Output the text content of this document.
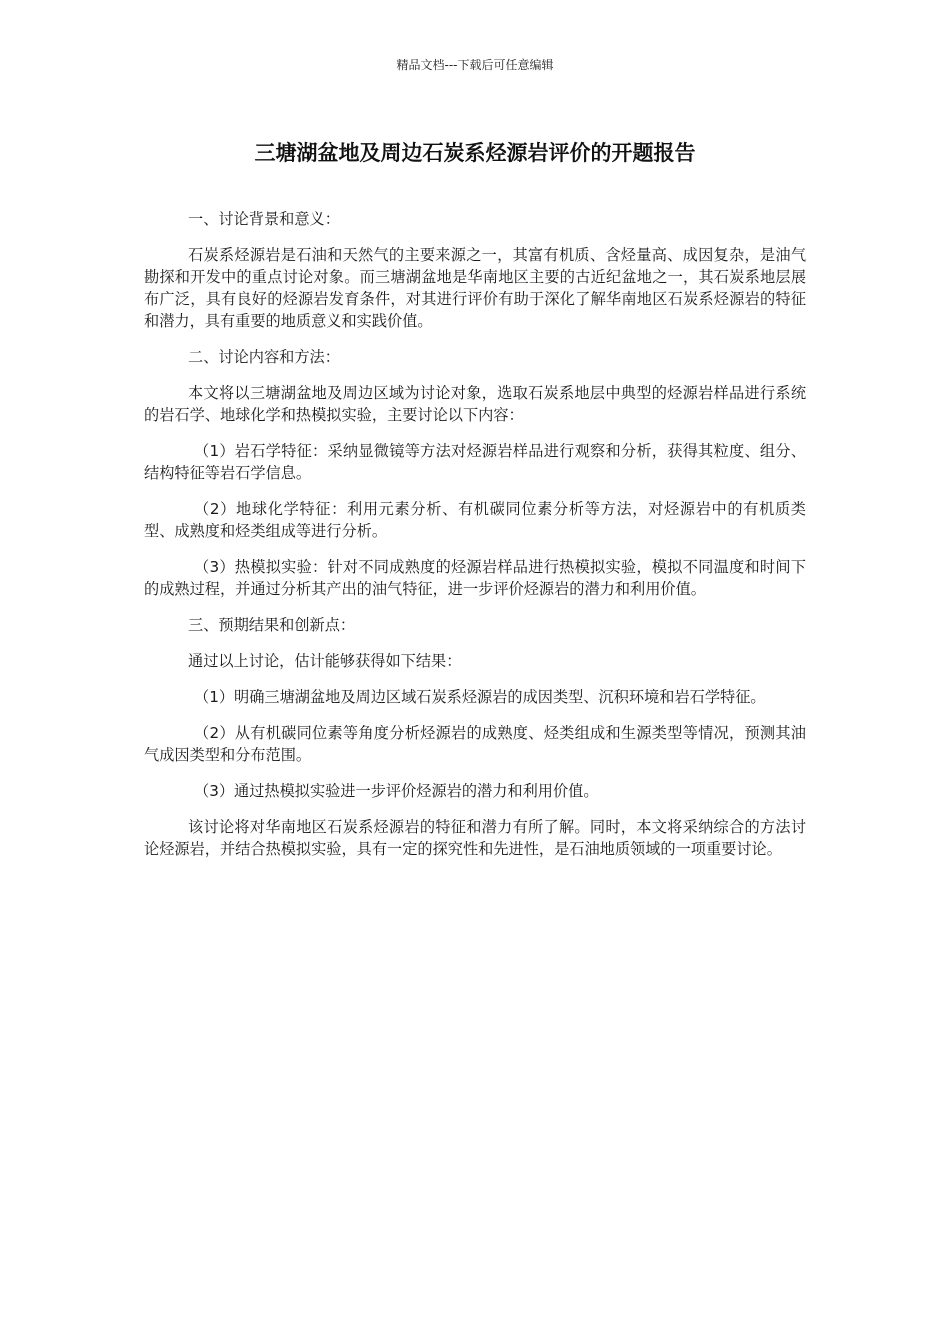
精品文档---下载后可任意编辑
三塘湖盆地及周边石炭系烃源岩评价的开题报告

一、讨论背景和意义：

石炭系烃源岩是石油和天然气的主要来源之一，其富有机质、含烃量高、成因复杂，是油气勘探和开发中的重点讨论对象。而三塘湖盆地是华南地区主要的古近纪盆地之一，其石炭系地层展布广泛，具有良好的烃源岩发育条件，对其进行评价有助于深化了解华南地区石炭系烃源岩的特征和潜力，具有重要的地质意义和实践价值。

二、讨论内容和方法：

本文将以三塘湖盆地及周边区域为讨论对象，选取石炭系地层中典型的烃源岩样品进行系统的岩石学、地球化学和热模拟实验，主要讨论以下内容：

（1）岩石学特征：采纳显微镜等方法对烃源岩样品进行观察和分析，获得其粒度、组分、结构特征等岩石学信息。

（2）地球化学特征：利用元素分析、有机碳同位素分析等方法，对烃源岩中的有机质类型、成熟度和烃类组成等进行分析。

（3）热模拟实验：针对不同成熟度的烃源岩样品进行热模拟实验，模拟不同温度和时间下的成熟过程，并通过分析其产出的油气特征，进一步评价烃源岩的潜力和利用价值。

三、预期结果和创新点：

通过以上讨论，估计能够获得如下结果：

（1）明确三塘湖盆地及周边区域石炭系烃源岩的成因类型、沉积环境和岩石学特征。

（2）从有机碳同位素等角度分析烃源岩的成熟度、烃类组成和生源类型等情况，预测其油气成因类型和分布范围。

（3）通过热模拟实验进一步评价烃源岩的潜力和利用价值。

该讨论将对华南地区石炭系烃源岩的特征和潜力有所了解。同时，本文将采纳综合的方法讨论烃源岩，并结合热模拟实验，具有一定的探究性和先进性，是石油地质领域的一项重要讨论。
